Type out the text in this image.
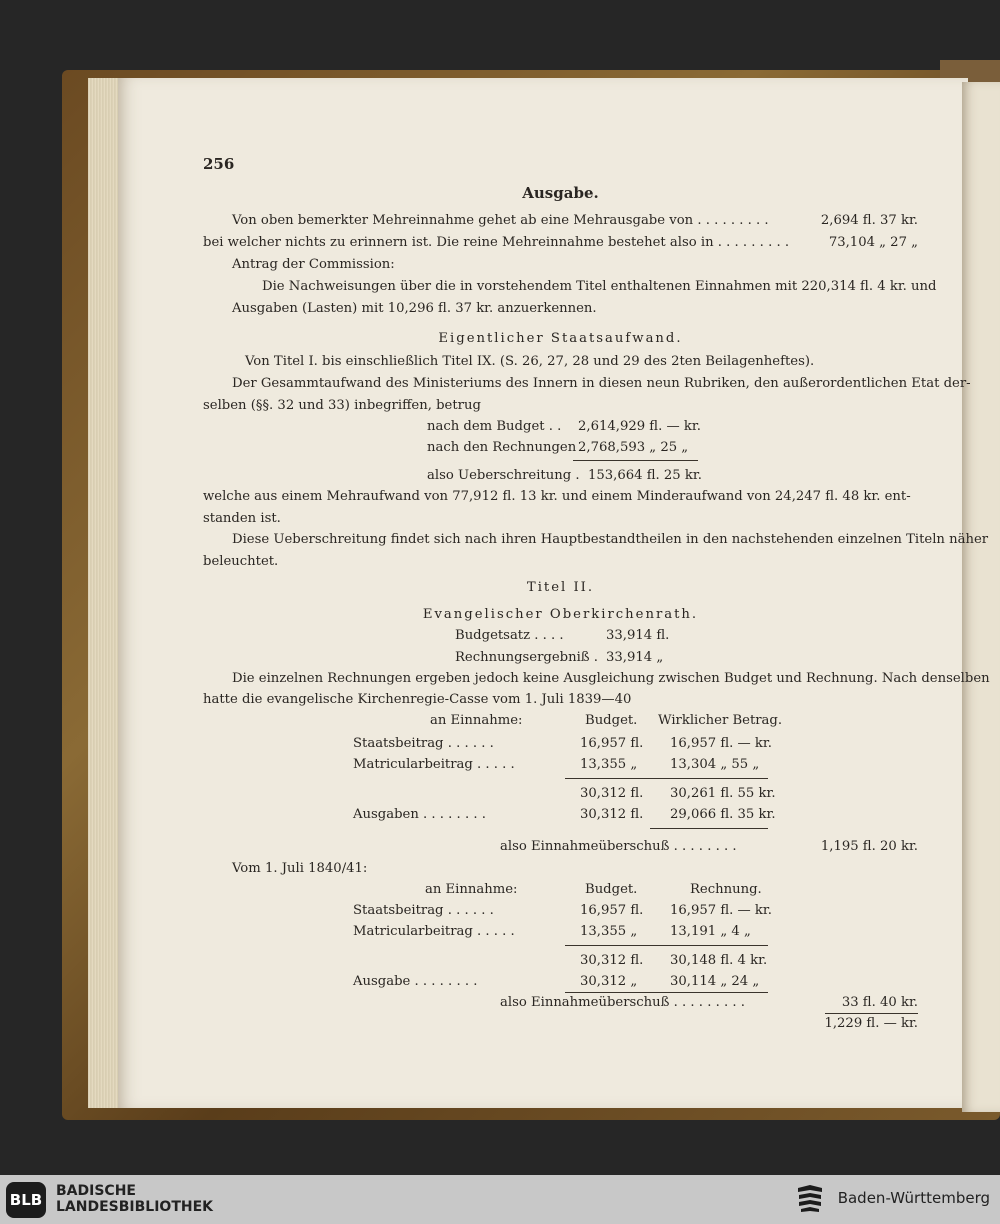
256
Ausgabe.
Von oben bemerkter Mehreinnahme gehet ab eine Mehrausgabe von . . . . . . . . .	2,694 fl. 37 kr.
bei welcher nichts zu erinnern ist. Die reine Mehreinnahme bestehet also in . . . . . . . . .	73,104 „ 27 „
Antrag der Commission:
Die Nachweisungen über die in vorstehendem Titel enthaltenen Einnahmen mit 220,314 fl. 4 kr. und
Ausgaben (Lasten) mit 10,296 fl. 37 kr. anzuerkennen.
Eigentlicher Staatsaufwand.
Von Titel I. bis einschließlich Titel IX. (S. 26, 27, 28 und 29 des 2ten Beilagenheftes).
Der Gesammtaufwand des Ministeriums des Innern in diesen neun Rubriken, den außerordentlichen Etat der-
selben (§§. 32 und 33) inbegriffen, betrug
nach dem Budget . . 2,614,929 fl. — kr.
nach den Rechnungen 2,768,593 „ 25 „
also Ueberschreitung . 153,664 fl. 25 kr.
welche aus einem Mehraufwand von 77,912 fl. 13 kr. und einem Minderaufwand von 24,247 fl. 48 kr. ent-
standen ist.
Diese Ueberschreitung findet sich nach ihren Hauptbestandtheilen in den nachstehenden einzelnen Titeln näher
beleuchtet.
Titel II.
Evangelischer Oberkirchenrath.
Budgetsatz . . . .	33,914 fl.
Rechnungsergebniß . 33,914 „
Die einzelnen Rechnungen ergeben jedoch keine Ausgleichung zwischen Budget und Rechnung. Nach denselben
hatte die evangelische Kirchenregie-Casse vom 1. Juli 1839—40
an Einnahme:	Budget. Wirklicher Betrag.
Staatsbeitrag . . . . . .	16,957 fl. 16,957 fl. — kr.
Matricularbeitrag . . . . .	13,355 „ 13,304 „ 55 „
30,312 fl. 30,261 fl. 55 kr.
Ausgaben . . . . . . . .	30,312 fl. 29,066 fl. 35 kr.
also Einnahmeüberschuß . . . . . . . .	1,195 fl. 20 kr.
Vom 1. Juli 1840/41:
an Einnahme:	Budget.	Rechnung.
Staatsbeitrag . . . . . .	16,957 fl. 16,957 fl. — kr.
Matricularbeitrag . . . . .	13,355 „ 13,191 „ 4 „
30,312 fl. 30,148 fl. 4 kr.
Ausgabe . . . . . . . .	30,312 „ 30,114 „ 24 „
also Einnahmeüberschuß . . . . . . . . .	33 fl. 40 kr.
1,229 fl. — kr.
BLB BADISCHE
LANDESBIBLIOTHEK	Baden-Württemberg
